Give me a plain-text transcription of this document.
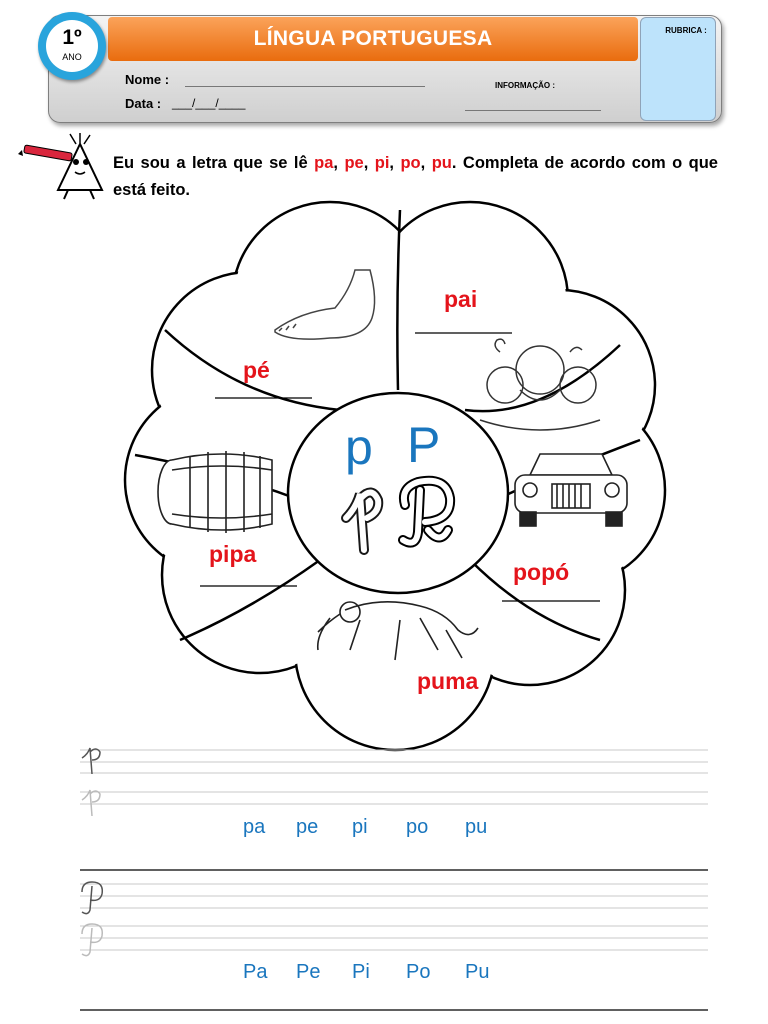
LÍNGUA PORTUGUESA
1º
ANO
RUBRICA :
Nome :
Data : ___/___/____
INFORMAÇÃO :
Eu sou a letra que se lê pa, pe, pi, po, pu. Completa de acordo com o que está feito.
p P
pai
pé
pipa
popó
puma
pa pe pi po pu
Pa Pe Pi Po Pu
